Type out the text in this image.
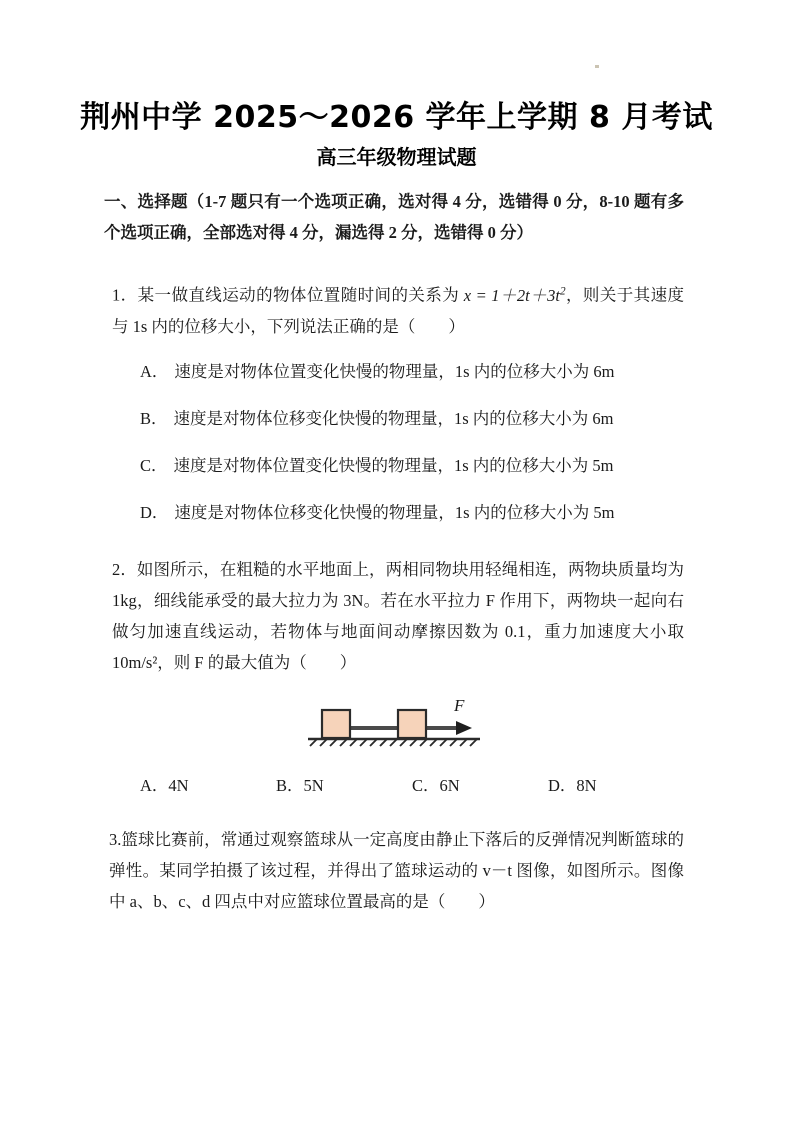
荆州中学 2025～2026 学年上学期 8 月考试
高三年级物理试题
一、选择题（1-7 题只有一个选项正确，选对得 4 分，选错得 0 分，8-10 题有多个选项正确，全部选对得 4 分，漏选得 2 分，选错得 0 分）
1．某一做直线运动的物体位置随时间的关系为 $x = 1+2t+3t^2$，则关于其速度与 1s 内的位移大小，下列说法正确的是（　　）
A． 速度是对物体位置变化快慢的物理量，1s 内的位移大小为 6m
B． 速度是对物体位移变化快慢的物理量，1s 内的位移大小为 6m
C． 速度是对物体位置变化快慢的物理量，1s 内的位移大小为 5m
D． 速度是对物体位移变化快慢的物理量，1s 内的位移大小为 5m
2．如图所示，在粗糙的水平地面上，两相同物块用轻绳相连，两物块质量均为 1kg，细线能承受的最大拉力为 3N。若在水平拉力 F 作用下，两物块一起向右做匀加速直线运动，若物体与地面间动摩擦因数为 0.1，重力加速度大小取 10m/s²，则 F 的最大值为（　　）
F
A．4N	B．5N	C．6N	D．8N
3.篮球比赛前，常通过观察篮球从一定高度由静止下落后的反弹情况判断篮球的弹性。某同学拍摄了该过程，并得出了篮球运动的 v－t 图像，如图所示。图像中 a、b、c、d 四点中对应篮球位置最高的是（　　）
